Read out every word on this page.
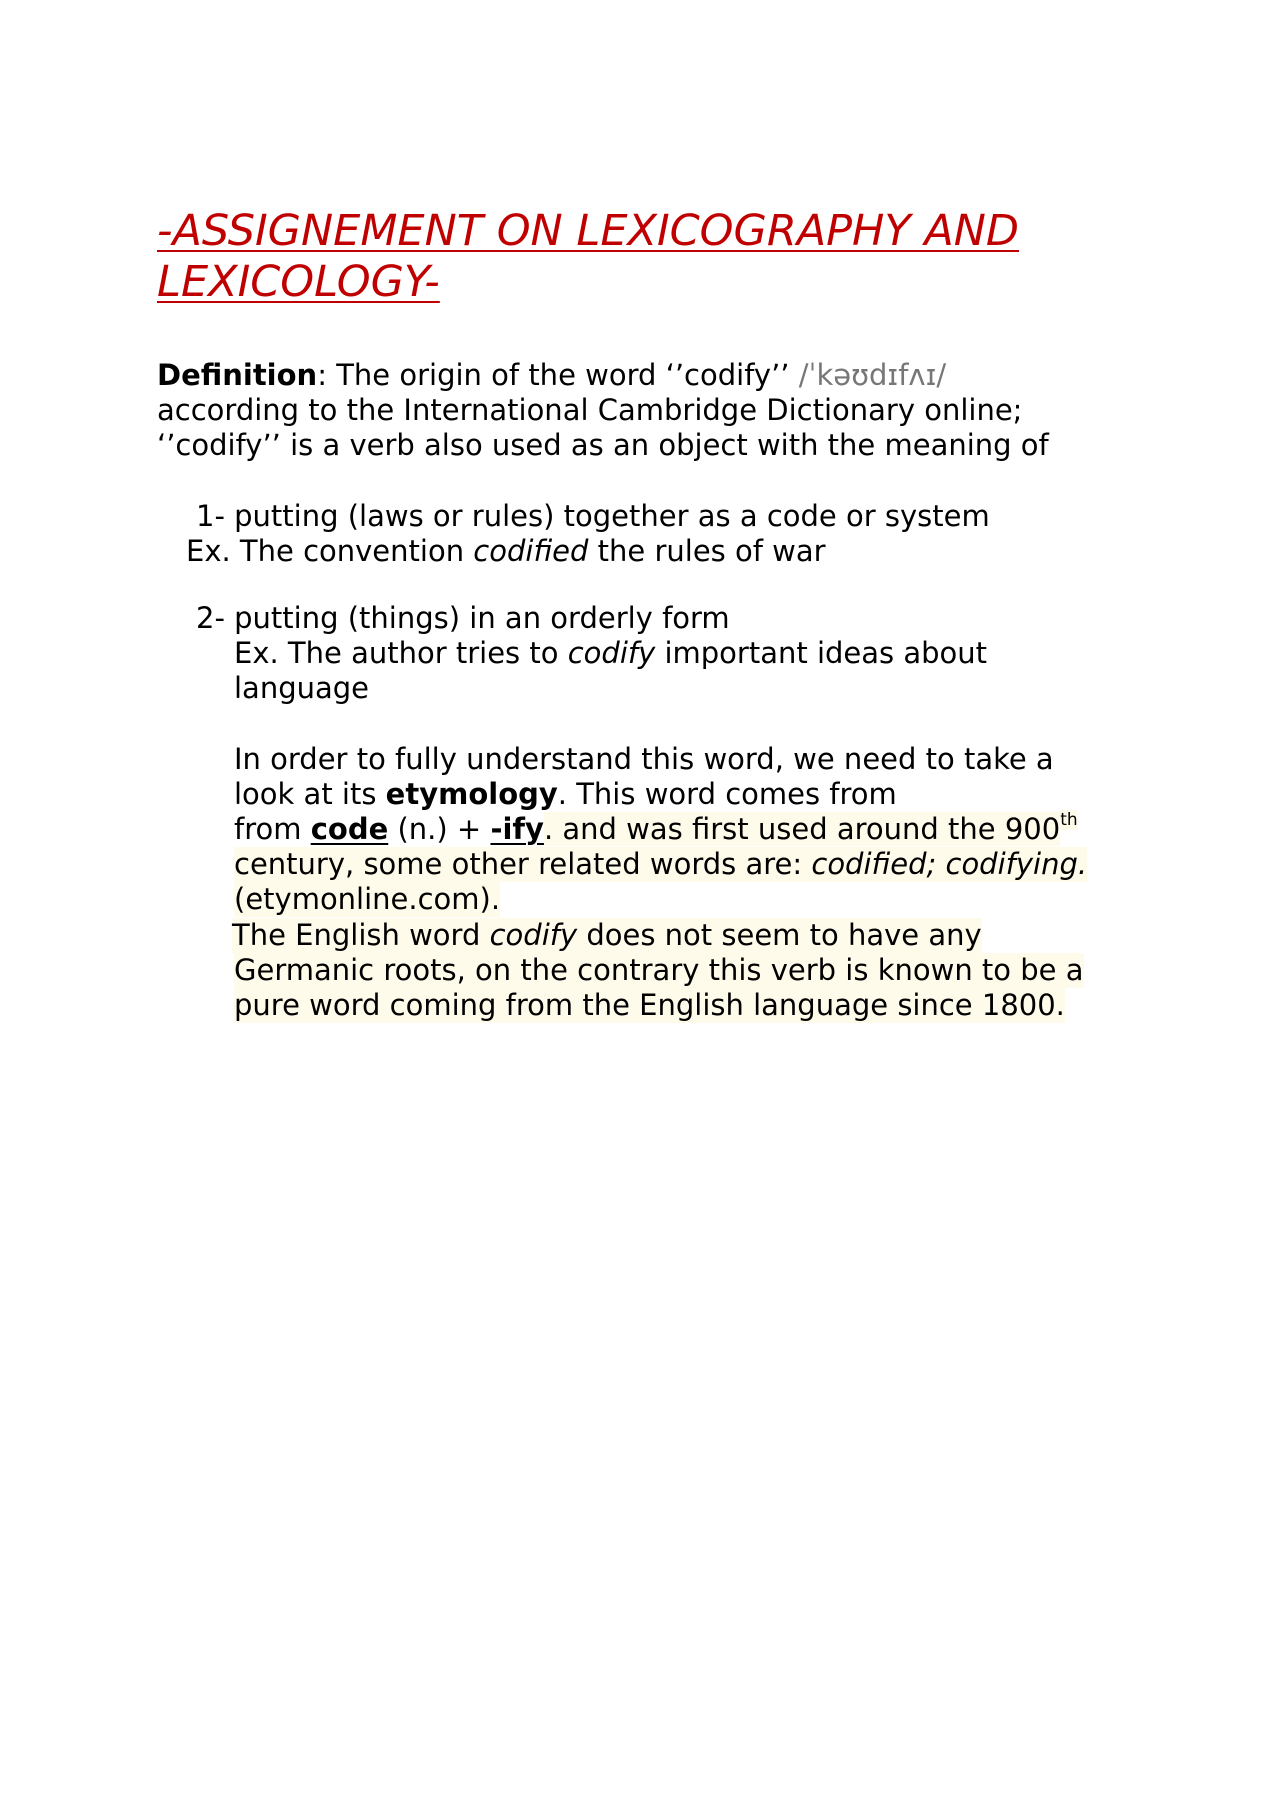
-ASSIGNEMENT ON LEXICOGRAPHY AND
LEXICOLOGY-
Definition: The origin of the word ‘’codify’’ /ˈkəʊdɪfʌɪ/
according to the International Cambridge Dictionary online;
‘’codify’’ is a verb also used as an object with the meaning of
1- putting (laws or rules) together as a code or system
Ex. The convention codified the rules of war
2- putting (things) in an orderly form
Ex. The author tries to codify important ideas about
language
In order to fully understand this word, we need to take a
look at its etymology. This word comes from
from code (n.) + -ify. and was first used around the 900th
century, some other related words are: codified; codifying.
(etymonline.com).
The English word codify does not seem to have any
Germanic roots, on the contrary this verb is known to be a
pure word coming from the English language since 1800.
